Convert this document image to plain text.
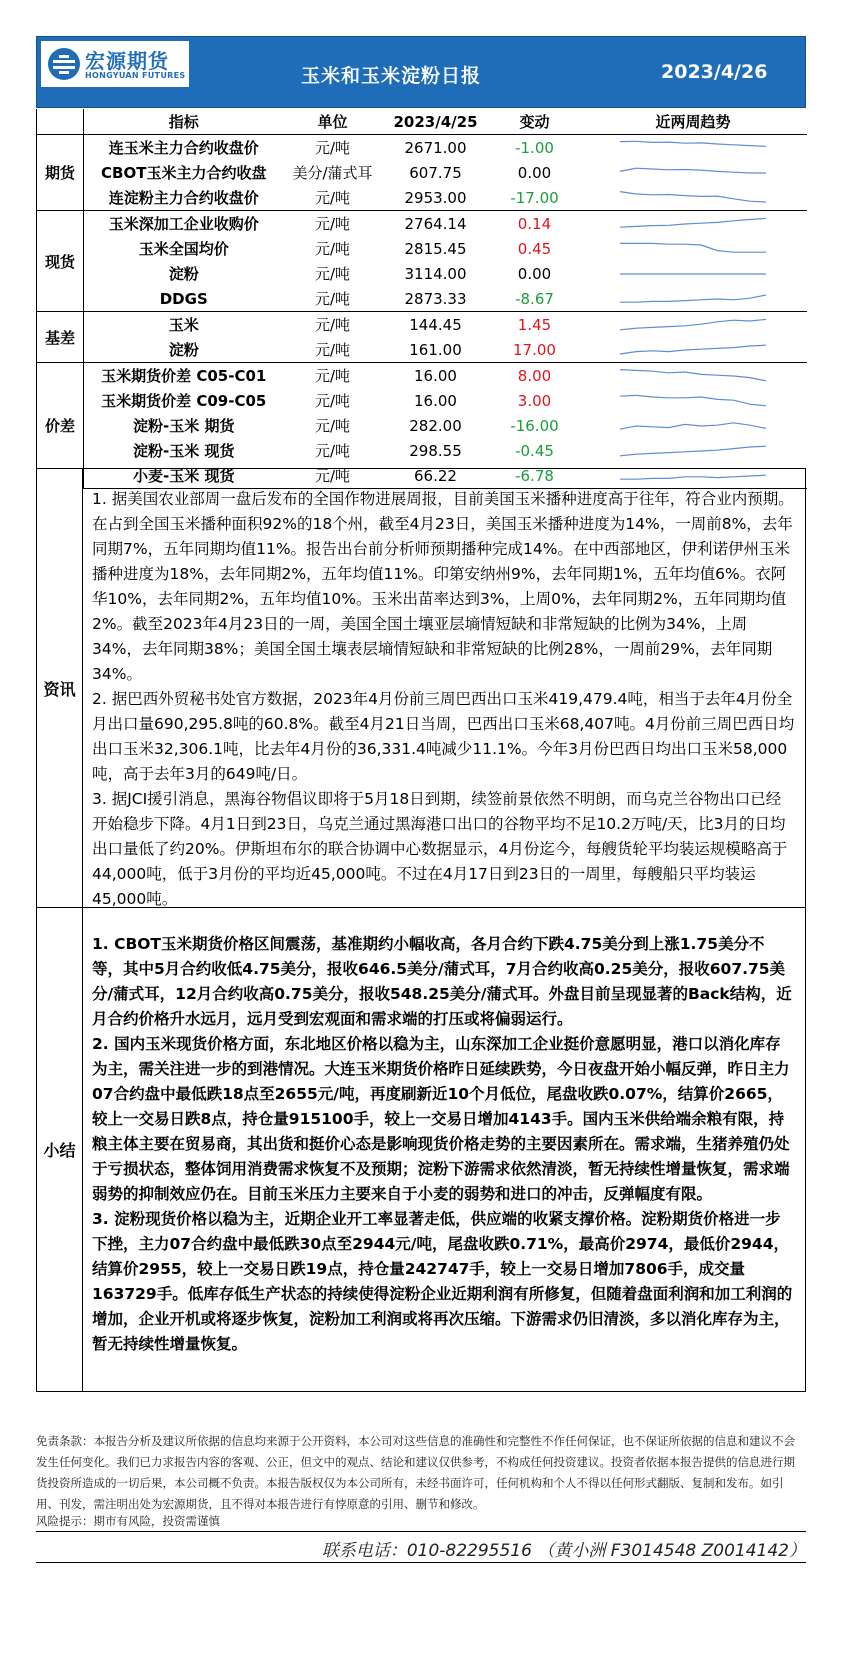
宏源期货
HONGYUAN FUTURES	玉米和玉米淀粉日报	2023/4/26
	指标	单位	2023/4/25	变动	近两周趋势
期货	连玉米主力合约收盘价	元/吨	2671.00	-1.00	

	CBOT玉米主力合约收盘	美分/蒲式耳	607.75	0.00	

	连淀粉主力合约收盘价	元/吨	2953.00	-17.00	

现货	玉米深加工企业收购价	元/吨	2764.14	0.14	

	玉米全国均价	元/吨	2815.45	0.45	

	淀粉	元/吨	3114.00	0.00	

	DDGS	元/吨	2873.33	-8.67	

基差	玉米	元/吨	144.45	1.45	

	淀粉	元/吨	161.00	17.00	

价差	玉米期货价差 C05-C01	元/吨	16.00	8.00	

	玉米期货价差 C09-C05	元/吨	16.00	3.00	

	淀粉-玉米 期货	元/吨	282.00	-16.00	

	淀粉-玉米 现货	元/吨	298.55	-0.45	

	小麦-玉米 现货	元/吨	66.22	-6.78	
资讯
1. 据美国农业部周一盘后发布的全国作物进展周报，目前美国玉米播种进度高于往年，符合业内预期。在占到全国玉米播种面积92%的18个州，截至4月23日，美国玉米播种进度为14%，一周前8%，去年同期7%，五年同期均值11%。报告出台前分析师预期播种完成14%。在中西部地区，伊利诺伊州玉米播种进度为18%，去年同期2%，五年均值11%。印第安纳州9%，去年同期1%，五年均值6%。衣阿华10%，去年同期2%，五年均值10%。玉米出苗率达到3%，上周0%，去年同期2%，五年同期均值2%。截至2023年4月23日的一周，美国全国土壤亚层墒情短缺和非常短缺的比例为34%，上周34%，去年同期38%；美国全国土壤表层墒情短缺和非常短缺的比例28%，一周前29%，去年同期34%。
2. 据巴西外贸秘书处官方数据，2023年4月份前三周巴西出口玉米419,479.4吨，相当于去年4月份全月出口量690,295.8吨的60.8%。截至4月21日当周，巴西出口玉米68,407吨。4月份前三周巴西日均出口玉米32,306.1吨，比去年4月份的36,331.4吨减少11.1%。今年3月份巴西日均出口玉米58,000吨，高于去年3月的649吨/日。
3. 据JCI援引消息，黑海谷物倡议即将于5月18日到期，续签前景依然不明朗，而乌克兰谷物出口已经开始稳步下降。4月1日到23日，乌克兰通过黑海港口出口的谷物平均不足10.2万吨/天，比3月的日均出口量低了约20%。伊斯坦布尔的联合协调中心数据显示，4月份迄今，每艘货轮平均装运规模略高于44,000吨，低于3月份的平均近45,000吨。不过在4月17日到23日的一周里，每艘船只平均装运45,000吨。
小结
1. CBOT玉米期货价格区间震荡，基准期约小幅收高，各月合约下跌4.75美分到上涨1.75美分不等，其中5月合约收低4.75美分，报收646.5美分/蒲式耳，7月合约收高0.25美分，报收607.75美分/蒲式耳，12月合约收高0.75美分，报收548.25美分/蒲式耳。外盘目前呈现显著的Back结构，近月合约价格升水远月，远月受到宏观面和需求端的打压或将偏弱运行。
2. 国内玉米现货价格方面，东北地区价格以稳为主，山东深加工企业挺价意愿明显，港口以消化库存为主，需关注进一步的到港情况。大连玉米期货价格昨日延续跌势，今日夜盘开始小幅反弹，昨日主力07合约盘中最低跌18点至2655元/吨，再度刷新近10个月低位，尾盘收跌0.07%，结算价2665，较上一交易日跌8点，持仓量915100手，较上一交易日增加4143手。国内玉米供给端余粮有限，持粮主体主要在贸易商，其出货和挺价心态是影响现货价格走势的主要因素所在。需求端，生猪养殖仍处于亏损状态，整体饲用消费需求恢复不及预期；淀粉下游需求依然清淡，暂无持续性增量恢复，需求端弱势的抑制效应仍在。目前玉米压力主要来自于小麦的弱势和进口的冲击，反弹幅度有限。
3. 淀粉现货价格以稳为主，近期企业开工率显著走低，供应端的收紧支撑价格。淀粉期货价格进一步下挫，主力07合约盘中最低跌30点至2944元/吨，尾盘收跌0.71%，最高价2974，最低价2944，结算价2955，较上一交易日跌19点，持仓量242747手，较上一交易日增加7806手，成交量163729手。低库存低生产状态的持续使得淀粉企业近期利润有所修复，但随着盘面利润和加工利润的增加，企业开机或将逐步恢复，淀粉加工利润或将再次压缩。下游需求仍旧清淡，多以消化库存为主，暂无持续性增量恢复。
免责条款：本报告分析及建议所依据的信息均来源于公开资料，本公司对这些信息的准确性和完整性不作任何保证，也不保证所依据的信息和建议不会发生任何变化。我们已力求报告内容的客观、公正，但文中的观点、结论和建议仅供参考，不构成任何投资建议。投资者依据本报告提供的信息进行期货投资所造成的一切后果，本公司概不负责。本报告版权仅为本公司所有，未经书面许可，任何机构和个人不得以任何形式翻版、复制和发布。如引用、刊发，需注明出处为宏源期货，且不得对本报告进行有悖原意的引用、删节和修改。
风险提示：期市有风险，投资需谨慎
联系电话：010-82295516 （黄小洲 F3014548 Z0014142）
